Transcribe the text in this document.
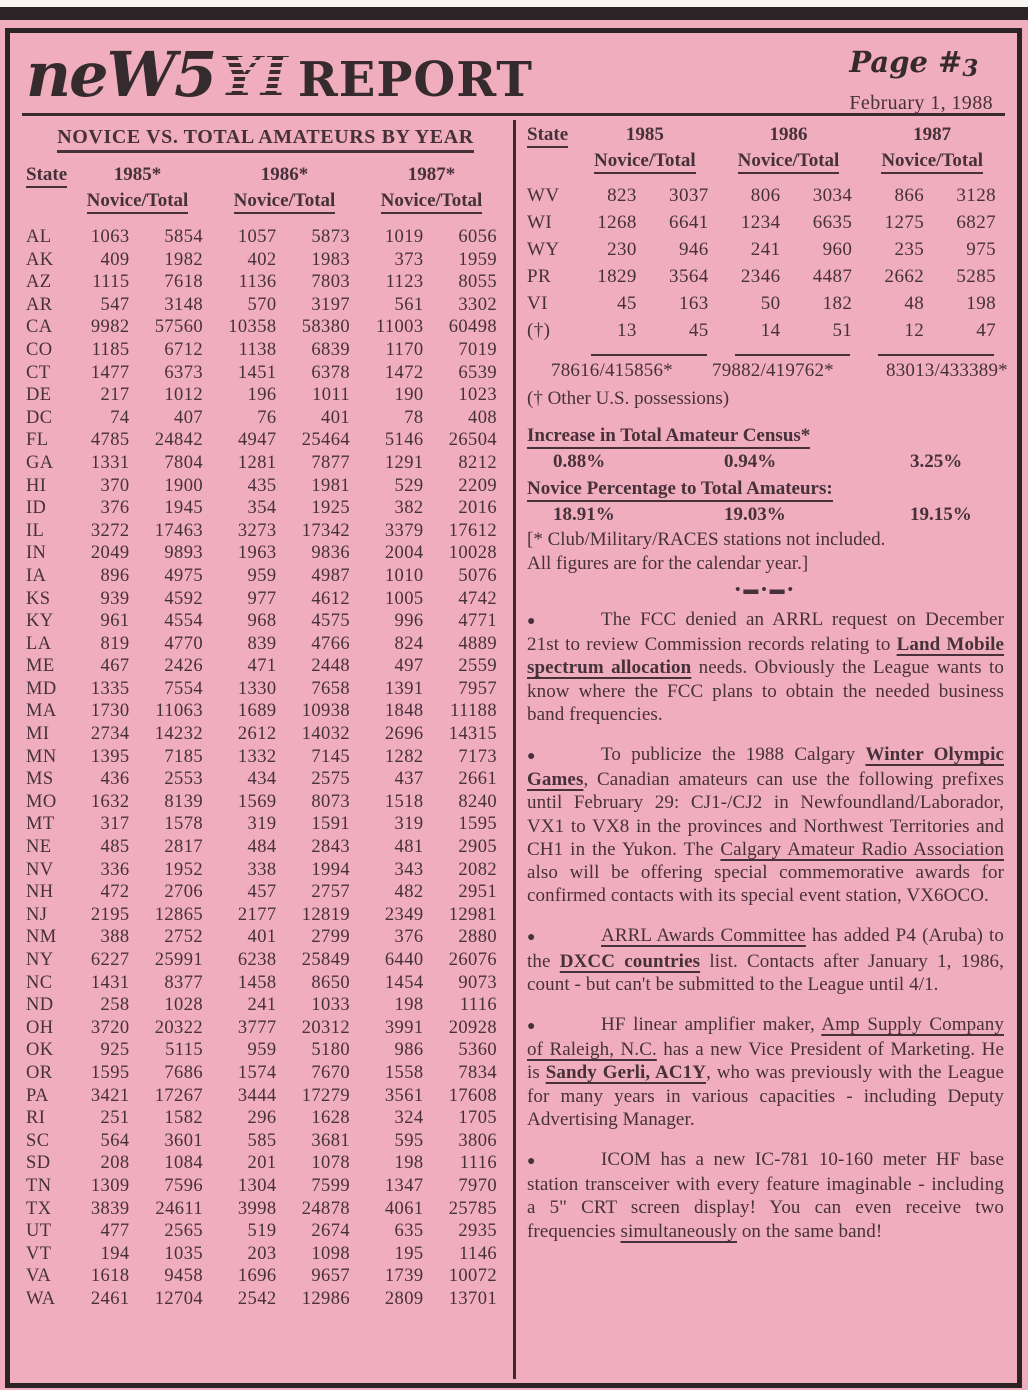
neW5YI REPORT	Page #3
February 1, 1988
NOVICE VS. TOTAL AMATEURS BY YEAR
State	1985*	1986*	1987*
Novice/Total	Novice/Total	Novice/Total
AL	1063	5854	1057	5873	1019	6056
AK	409	1982	402	1983	373	1959
AZ	1115	7618	1136	7803	1123	8055
AR	547	3148	570	3197	561	3302
CA	9982	57560	10358	58380	11003	60498
CO	1185	6712	1138	6839	1170	7019
CT	1477	6373	1451	6378	1472	6539
DE	217	1012	196	1011	190	1023
DC	74	407	76	401	78	408
FL	4785	24842	4947	25464	5146	26504
GA	1331	7804	1281	7877	1291	8212
HI	370	1900	435	1981	529	2209
ID	376	1945	354	1925	382	2016
IL	3272	17463	3273	17342	3379	17612
IN	2049	9893	1963	9836	2004	10028
IA	896	4975	959	4987	1010	5076
KS	939	4592	977	4612	1005	4742
KY	961	4554	968	4575	996	4771
LA	819	4770	839	4766	824	4889
ME	467	2426	471	2448	497	2559
MD	1335	7554	1330	7658	1391	7957
MA	1730	11063	1689	10938	1848	11188
MI	2734	14232	2612	14032	2696	14315
MN	1395	7185	1332	7145	1282	7173
MS	436	2553	434	2575	437	2661
MO	1632	8139	1569	8073	1518	8240
MT	317	1578	319	1591	319	1595
NE	485	2817	484	2843	481	2905
NV	336	1952	338	1994	343	2082
NH	472	2706	457	2757	482	2951
NJ	2195	12865	2177	12819	2349	12981
NM	388	2752	401	2799	376	2880
NY	6227	25991	6238	25849	6440	26076
NC	1431	8377	1458	8650	1454	9073
ND	258	1028	241	1033	198	1116
OH	3720	20322	3777	20312	3991	20928
OK	925	5115	959	5180	986	5360
OR	1595	7686	1574	7670	1558	7834
PA	3421	17267	3444	17279	3561	17608
RI	251	1582	296	1628	324	1705
SC	564	3601	585	3681	595	3806
SD	208	1084	201	1078	198	1116
TN	1309	7596	1304	7599	1347	7970
TX	3839	24611	3998	24878	4061	25785
UT	477	2565	519	2674	635	2935
VT	194	1035	203	1098	195	1146
VA	1618	9458	1696	9657	1739	10072
WA	2461	12704	2542	12986	2809	13701
State	1985	1986	1987
Novice/Total	Novice/Total	Novice/Total
WV	823	3037	806	3034	866	3128
WI	1268	6641	1234	6635	1275	6827
WY	230	946	241	960	235	975
PR	1829	3564	2346	4487	2662	5285
VI	45	163	50	182	48	198
(†)	13	45	14	51	12	47
78616/415856*	79882/419762*	83013/433389*
(† Other U.S. possessions)
Increase in Total Amateur Census*
0.88%	0.94%	3.25%
Novice Percentage to Total Amateurs:
18.91%	19.03%	19.15%
[* Club/Military/RACES stations not included.
All figures are for the calendar year.]
•▬•▬•

●	The FCC denied an ARRL request on December 21st to review Commission records relating to Land Mobile spectrum allocation needs. Obviously the League wants to know where the FCC plans to obtain the needed business band frequencies.

●	To publicize the 1988 Calgary Winter Olympic Games, Canadian amateurs can use the following prefixes until February 29: CJ1-/CJ2 in Newfoundland/Laborador, VX1 to VX8 in the provinces and Northwest Territories and CH1 in the Yukon. The Calgary Amateur Radio Association also will be offering special commemorative awards for confirmed contacts with its special event station, VX6OCO.

●	ARRL Awards Committee has added P4 (Aruba) to the DXCC countries list. Contacts after January 1, 1986, count - but can't be submitted to the League until 4/1.

●	HF linear amplifier maker, Amp Supply Company of Raleigh, N.C. has a new Vice President of Marketing. He is Sandy Gerli, AC1Y, who was previously with the League for many years in various capacities - including Deputy Advertising Manager.

●	ICOM has a new IC-781 10-160 meter HF base station transceiver with every feature imaginable - including a 5" CRT screen display! You can even receive two frequencies simultaneously on the same band!
